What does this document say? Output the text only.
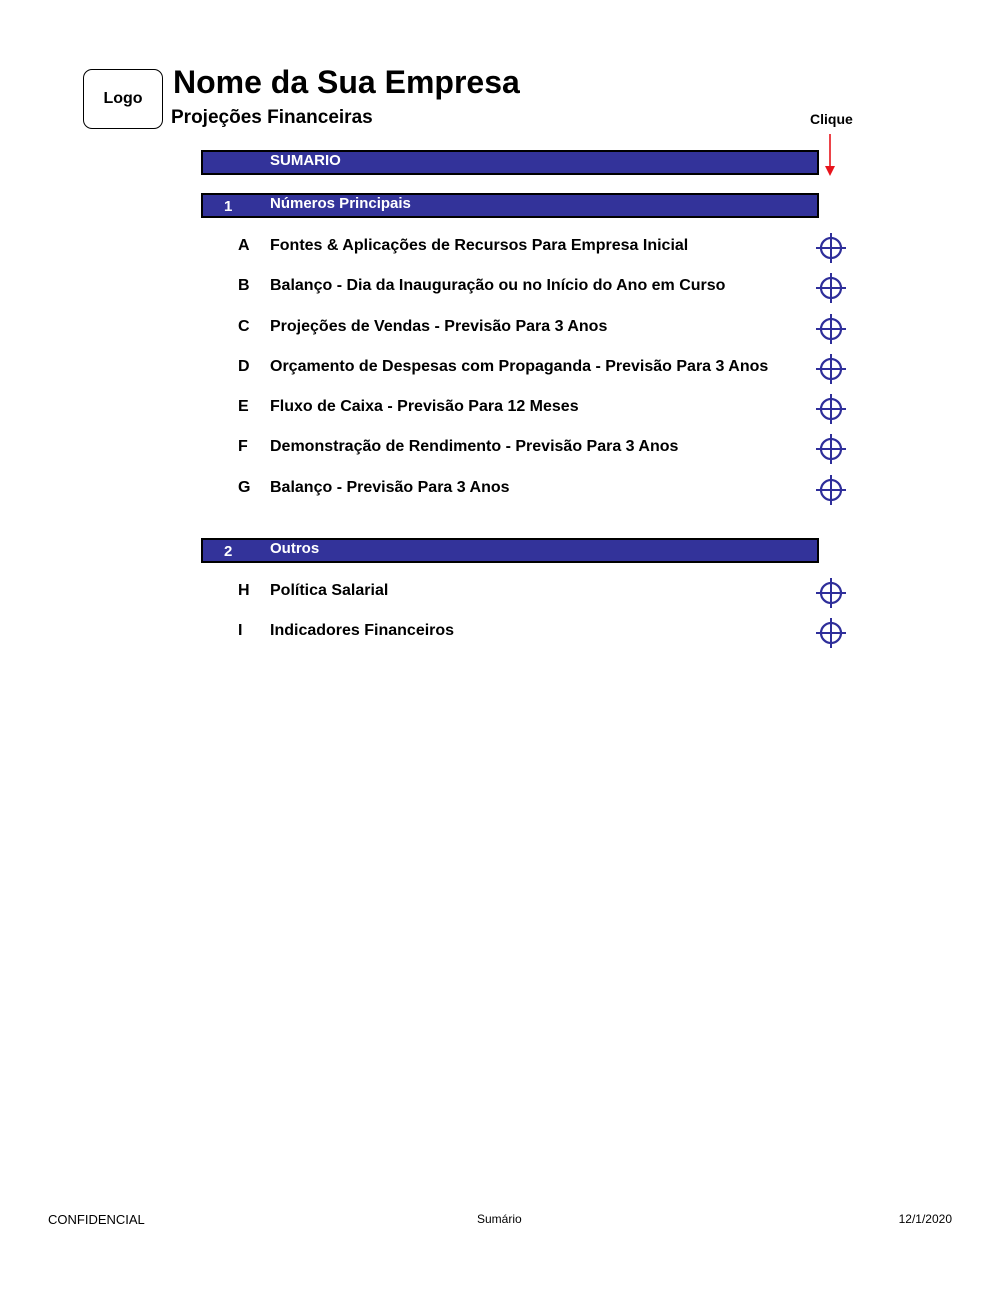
Logo Nome da Sua Empresa
Projeções Financeiras	Clique
SUMARIO
1	Números Principais
A Fontes & Aplicações de Recursos Para Empresa Inicial
B Balanço - Dia da Inauguração ou no Início do Ano em Curso
C Projeções de Vendas - Previsão Para 3 Anos
D Orçamento de Despesas com Propaganda - Previsão Para 3 Anos
E Fluxo de Caixa - Previsão Para 12 Meses
F Demonstração de Rendimento - Previsão Para 3 Anos
G Balanço - Previsão Para 3 Anos
2	Outros
H Política Salarial
I Indicadores Financeiros
CONFIDENCIAL	Sumário	12/1/2020
